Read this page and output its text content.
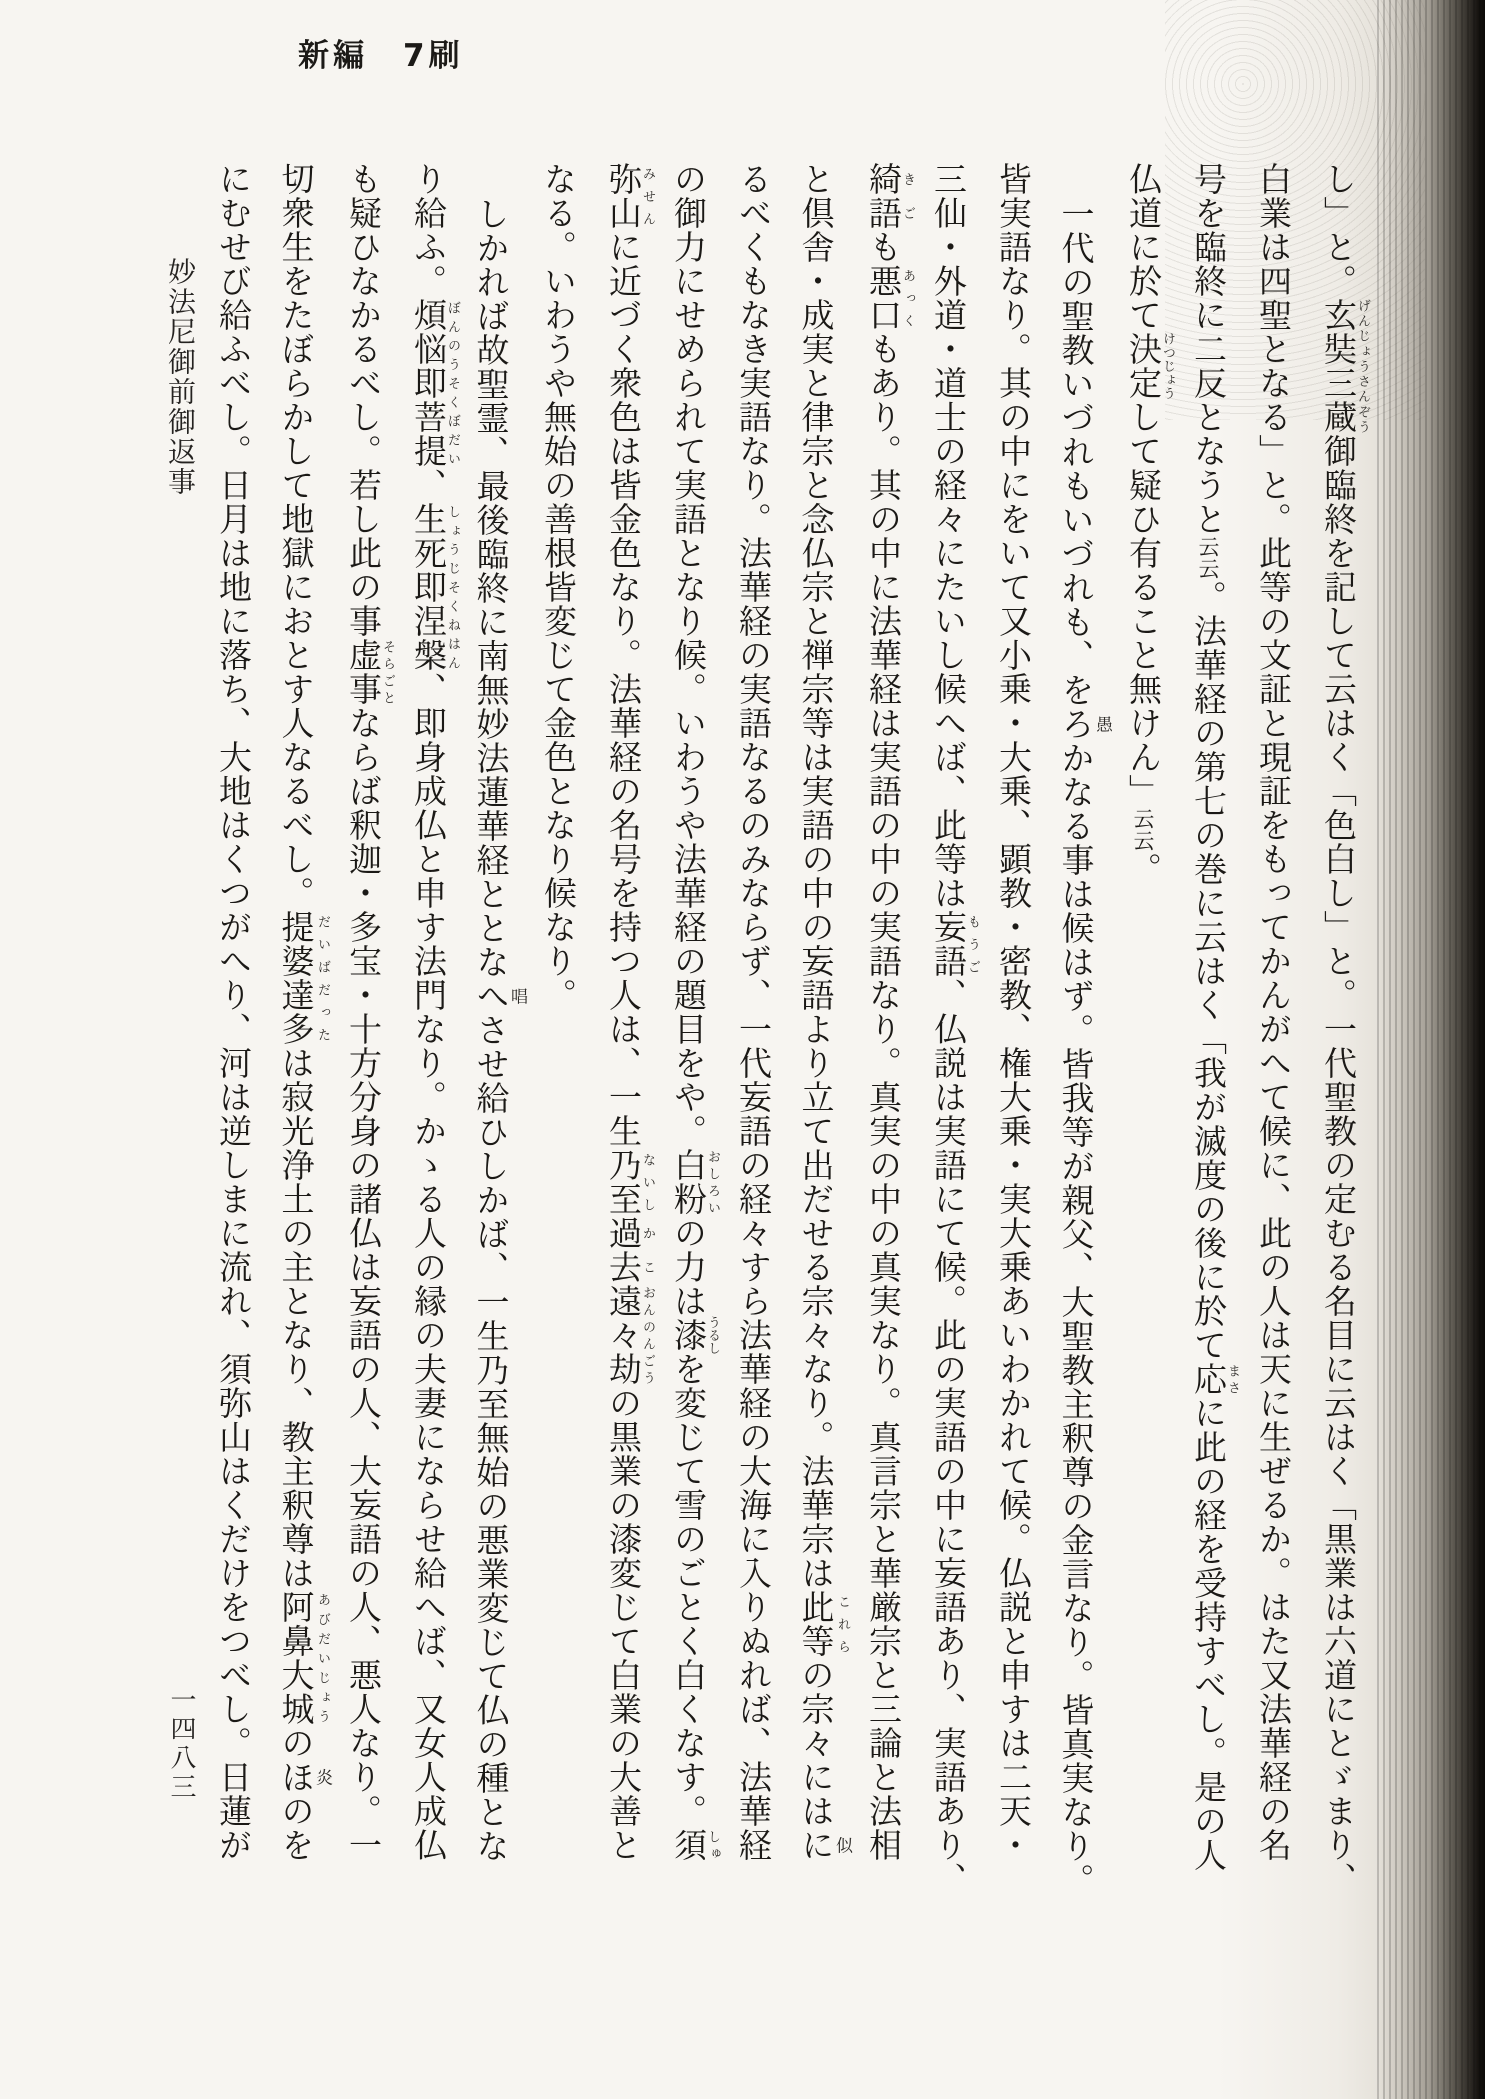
新編　7刷

し」と。玄奘三蔵げんじょうさんぞう御臨終を記して云はく「色白し」と。一代聖教の定むる名目に云はく「黒業は六道にとゞまり、

白業は四聖となる」と。此等の文証と現証をもってかんがへて候に、此の人は天に生ぜるか。はた又法華経の名

号を臨終に二反となうと云云。法華経の第七の巻に云はく「我が滅度の後に於て応まさに此の経を受持すべし。是の人

仏道に於て決定けつじょうして疑ひ有ること無けん」云云。

一代の聖教いづれもいづれも、をろ愚かなる事は候はず。皆我等が親父、大聖教主釈尊の金言なり。皆真実なり。

皆実語なり。其の中にをいて又小乗・大乗、顕教・密教、権大乗・実大乗あいわかれて候。仏説と申すは二天・

三仙・外道・道士の経々にたいし候へば、此等は妄語もうご、仏説は実語にて候。此の実語の中に妄語あり、実語あり、

綺語きごも悪口あっくもあり。其の中に法華経は実語の中の実語なり。真実の中の真実なり。真言宗と華厳宗と三論と法相

と倶舎・成実と律宗と念仏宗と禅宗等は実語の中の妄語より立て出だせる宗々なり。法華宗は此等 これらの宗々にはに似

るべくもなき実語なり。法華経の実語なるのみならず、一代妄語の経々すら法華経の大海に入りぬれば、法華経

の御力にせめられて実語となり候。いわうや法華経の題目をや。白粉おしろいの力は漆うるしを変じて雪のごとく白くなす。須しゅ

弥山みせんに近づく衆色は皆金色なり。法華経の名号を持つ人は、一生乃至ないし過去かこ遠々劫おんのんごうの黒業の漆変じて白業の大善と

なる。いわうや無始の善根皆変じて金色となり候なり。

しかれば故聖霊、最後臨終に南無妙法蓮華経ととなへ唱させ給ひしかば、一生乃至無始の悪業変じて仏の種とな

り給ふ。煩悩即菩提ぼんのうそくぼだい、生死即涅槃しょうじそくねはん、即身成仏と申す法門なり。かゝる人の縁の夫妻にならせ給へば、又女人成仏

も疑ひなかるべし。若し此の事虚事そらごとならば釈迦・多宝・十方分身の諸仏は妄語の人、大妄語の人、悪人なり。一

切衆生をたぼらかして地獄におとす人なるべし。提婆達多 だいばだったは寂光浄土の主となり、教主釈尊は阿鼻大城 あびだいじょうのほ炎のを

にむせび給ふべし。日月は地に落ち、大地はくつがへり、河は逆しまに流れ、須弥山はくだけをつべし。日蓮が

妙法尼御前御返事
一四八三
